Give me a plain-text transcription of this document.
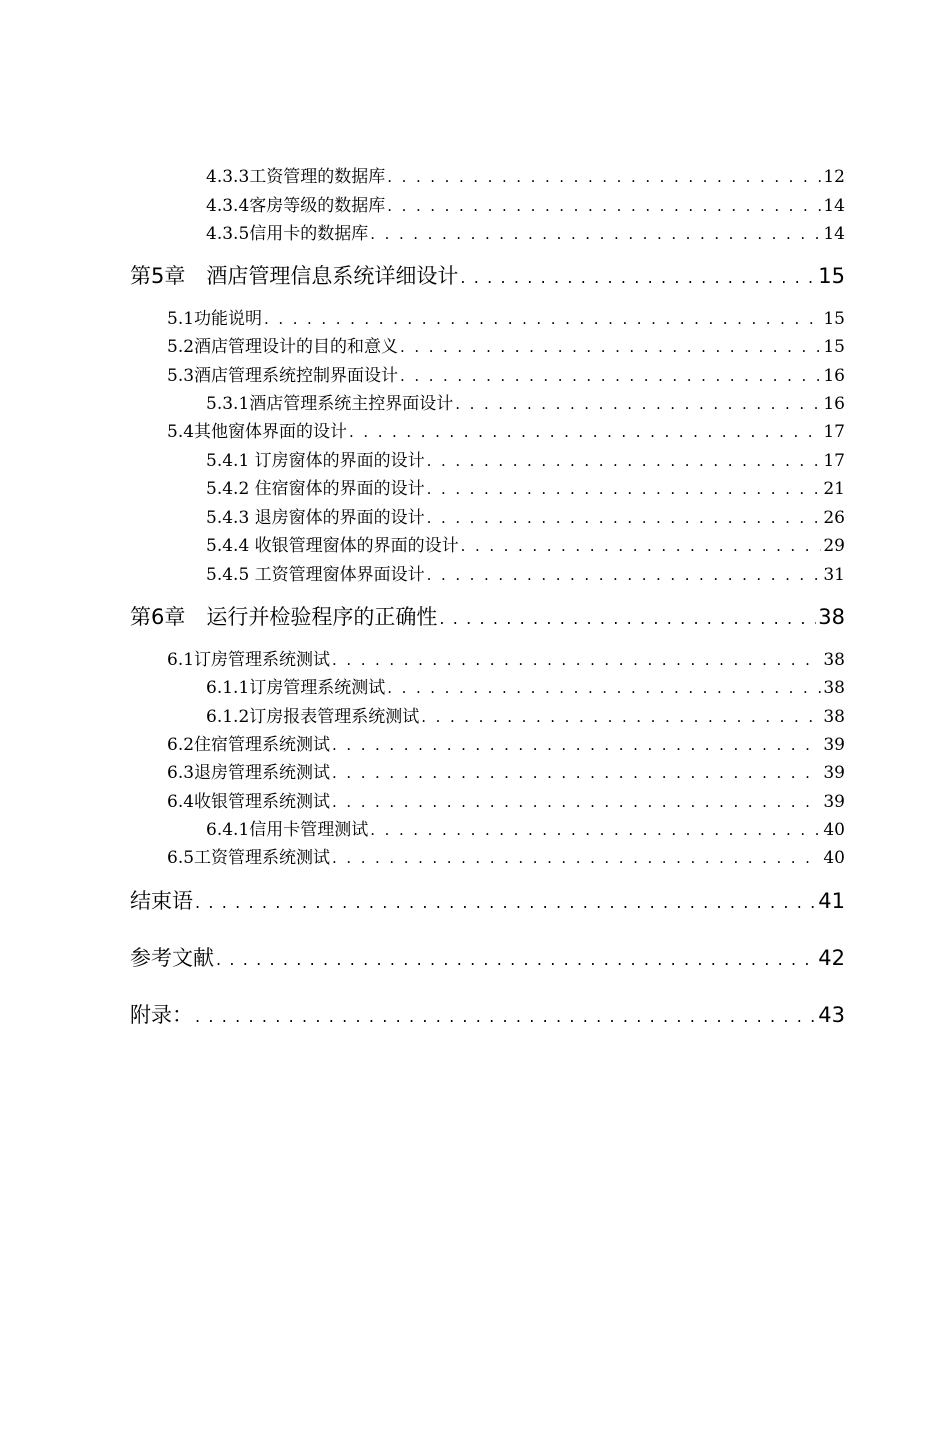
4.3.3工资管理的数据库 . . .	12
4.3.4客房等级的数据库 . . .	14
4.3.5信用卡的数据库 . . .	14
第5章　酒店管理信息系统详细设计 . . .	15
5.1功能说明 . . .	15
5.2酒店管理设计的目的和意义 . . .	15
5.3酒店管理系统控制界面设计 . . .	16
5.3.1酒店管理系统主控界面设计 . . .	16
5.4其他窗体界面的设计 . . .	17
5.4.1 订房窗体的界面的设计 . . .	17
5.4.2 住宿窗体的界面的设计 . . .	21
5.4.3 退房窗体的界面的设计 . . .	26
5.4.4 收银管理窗体的界面的设计 . . .	29
5.4.5 工资管理窗体界面设计 . . .	31
第6章　运行并检验程序的正确性 . . .	38
6.1订房管理系统测试 . . .	38
6.1.1订房管理系统测试 . . .	38
6.1.2订房报表管理系统测试 . . .	38
6.2住宿管理系统测试 . . .	39
6.3退房管理系统测试 . . .	39
6.4收银管理系统测试 . . .	39
6.4.1信用卡管理测试 . . .	40
6.5工资管理系统测试 . . .	40
结束语 . . .	41
参考文献 . . .	42
附录： . . .	43
